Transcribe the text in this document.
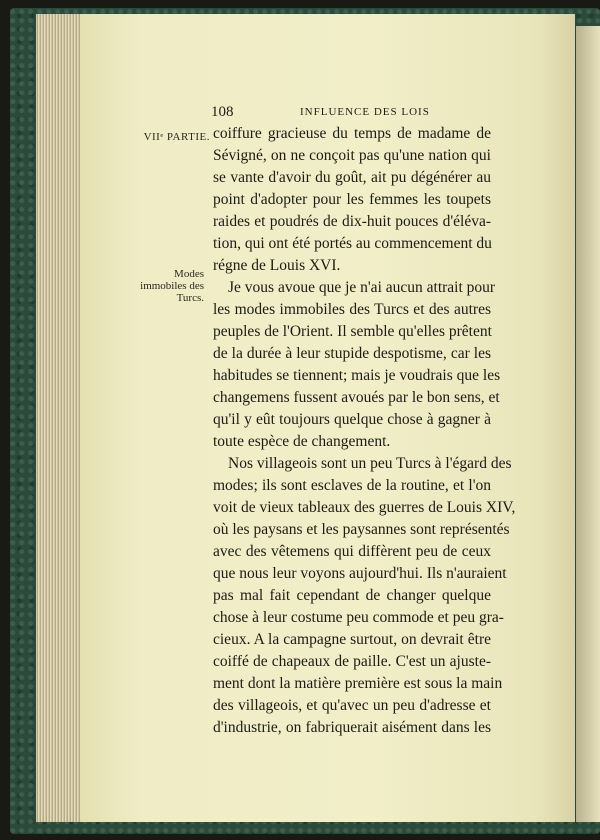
108	INFLUENCE DES LOIS
VIIᵉ PARTIE.
Modes
immobiles des
Turcs.
coiffure gracieuse du temps de madame de
Sévigné, on ne conçoit pas qu'une nation qui
se vante d'avoir du goût, ait pu dégénérer au
point d'adopter pour les femmes les toupets
raides et poudrés de dix-huit pouces d'éléva-
tion, qui ont été portés au commencement du
régne de Louis XVI.
Je vous avoue que je n'ai aucun attrait pour
les modes immobiles des Turcs et des autres
peuples de l'Orient. Il semble qu'elles prêtent
de la durée à leur stupide despotisme, car les
habitudes se tiennent; mais je voudrais que les
changemens fussent avoués par le bon sens, et
qu'il y eût toujours quelque chose à gagner à
toute espèce de changement.
Nos villageois sont un peu Turcs à l'égard des
modes; ils sont esclaves de la routine, et l'on
voit de vieux tableaux des guerres de Louis XIV,
où les paysans et les paysannes sont représentés
avec des vêtemens qui diffèrent peu de ceux
que nous leur voyons aujourd'hui. Ils n'auraient
pas mal fait cependant de changer quelque
chose à leur costume peu commode et peu gra-
cieux. A la campagne surtout, on devrait être
coiffé de chapeaux de paille. C'est un ajuste-
ment dont la matière première est sous la main
des villageois, et qu'avec un peu d'adresse et
d'industrie, on fabriquerait aisément dans les
